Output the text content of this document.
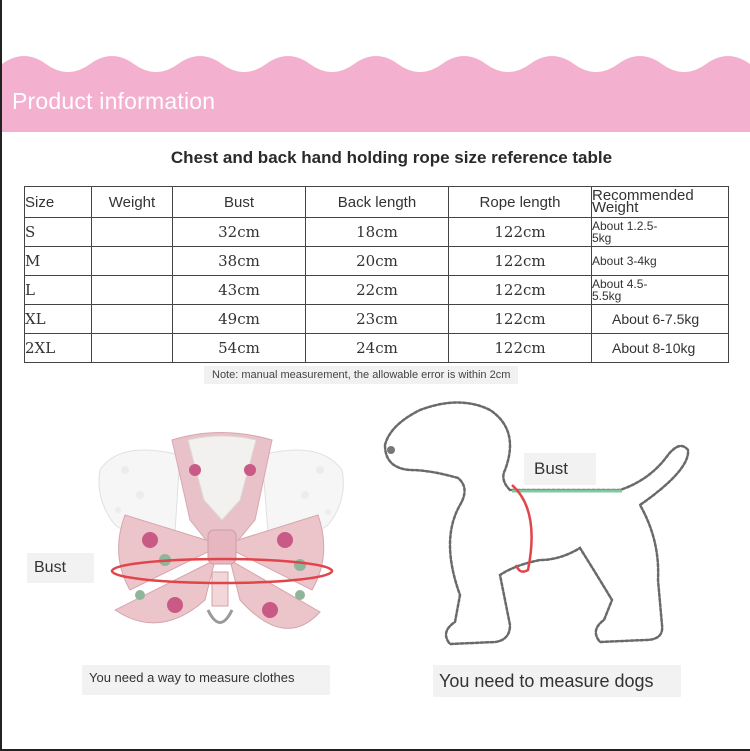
Product information
Chest and back hand holding rope size reference table
Size	Weight	Bust	Back length	Rope length	Recommended
Weight
S		32cm	18cm	122cm	About 1.2.5-
5kg
M		38cm	20cm	122cm	About 3-4kg
L		43cm	22cm	122cm	About 4.5-
5.5kg
XL		49cm	23cm	122cm	About 6-7.5kg
2XL		54cm	24cm	122cm	About 8-10kg
Note: manual measurement, the allowable error is within 2cm
Bust
Bust
You need a way to measure clothes	You need to measure dogs
